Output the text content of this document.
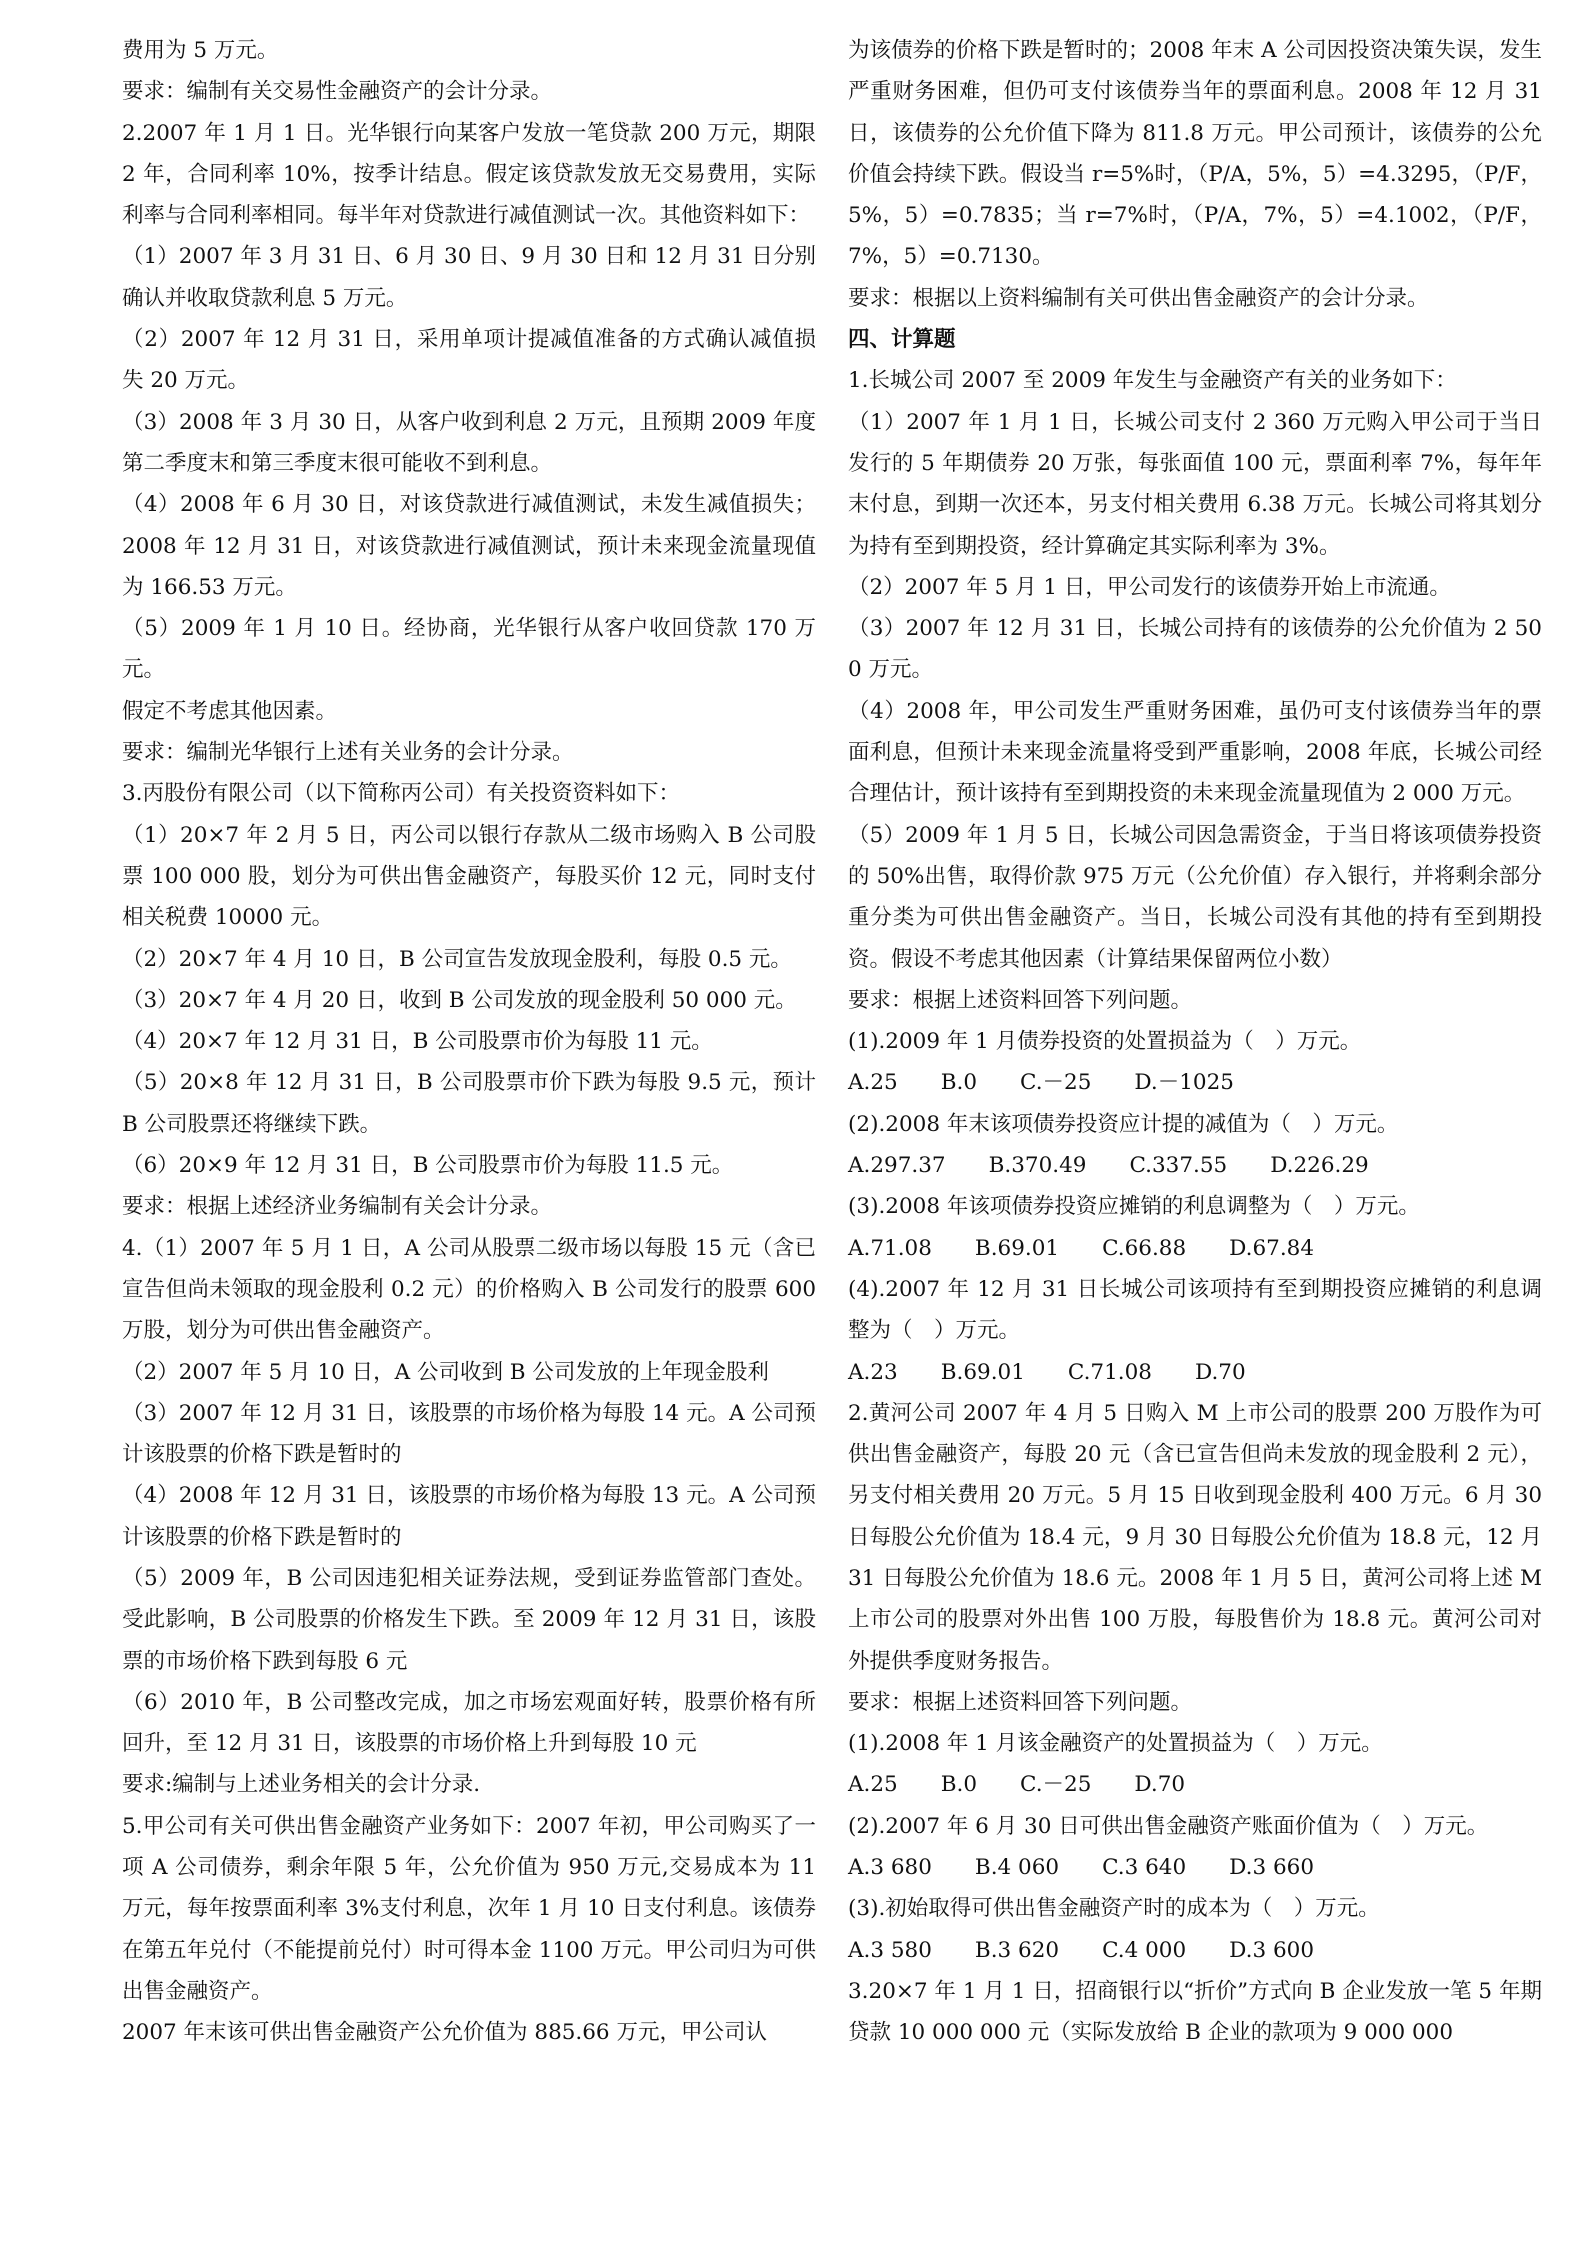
费用为 5 万元。

要求：编制有关交易性金融资产的会计分录。

2.2007 年 1 月 1 日。光华银行向某客户发放一笔贷款 200 万元，期限 2 年，合同利率 10%，按季计结息。假定该贷款发放无交易费用，实际利率与合同利率相同。每半年对贷款进行减值测试一次。其他资料如下：

（1）2007 年 3 月 31 日、6 月 30 日、9 月 30 日和 12 月 31 日分别确认并收取贷款利息 5 万元。

（2）2007 年 12 月 31 日，采用单项计提减值准备的方式确认减值损失 20 万元。

（3）2008 年 3 月 30 日，从客户收到利息 2 万元，且预期 2009 年度第二季度末和第三季度末很可能收不到利息。

（4）2008 年 6 月 30 日，对该贷款进行减值测试，未发生减值损失；2008 年 12 月 31 日，对该贷款进行减值测试，预计未来现金流量现值为 166.53 万元。

（5）2009 年 1 月 10 日。经协商，光华银行从客户收回贷款 170 万元。

假定不考虑其他因素。

要求：编制光华银行上述有关业务的会计分录。

3.丙股份有限公司（以下简称丙公司）有关投资资料如下：

（1）20×7 年 2 月 5 日，丙公司以银行存款从二级市场购入 B 公司股票 100 000 股，划分为可供出售金融资产，每股买价 12 元，同时支付相关税费 10000 元。

（2）20×7 年 4 月 10 日，B 公司宣告发放现金股利，每股 0.5 元。

（3）20×7 年 4 月 20 日，收到 B 公司发放的现金股利 50 000 元。

（4）20×7 年 12 月 31 日，B 公司股票市价为每股 11 元。

（5）20×8 年 12 月 31 日，B 公司股票市价下跌为每股 9.5 元，预计 B 公司股票还将继续下跌。

（6）20×9 年 12 月 31 日，B 公司股票市价为每股 11.5 元。

要求：根据上述经济业务编制有关会计分录。

4.（1）2007 年 5 月 1 日，A 公司从股票二级市场以每股 15 元（含已宣告但尚未领取的现金股利 0.2 元）的价格购入 B 公司发行的股票 600 万股，划分为可供出售金融资产。

（2）2007 年 5 月 10 日，A 公司收到 B 公司发放的上年现金股利

（3）2007 年 12 月 31 日，该股票的市场价格为每股 14 元。A 公司预计该股票的价格下跌是暂时的

（4）2008 年 12 月 31 日，该股票的市场价格为每股 13 元。A 公司预计该股票的价格下跌是暂时的

（5）2009 年，B 公司因违犯相关证券法规，受到证券监管部门查处。受此影响，B 公司股票的价格发生下跌。至 2009 年 12 月 31 日，该股票的市场价格下跌到每股 6 元

（6）2010 年，B 公司整改完成，加之市场宏观面好转，股票价格有所回升，至 12 月 31 日，该股票的市场价格上升到每股 10 元

要求:编制与上述业务相关的会计分录.

5.甲公司有关可供出售金融资产业务如下：2007 年初，甲公司购买了一项 A 公司债券，剩余年限 5 年，公允价值为 950 万元,交易成本为 11 万元，每年按票面利率 3%支付利息，次年 1 月 10 日支付利息。该债券在第五年兑付（不能提前兑付）时可得本金 1100 万元。甲公司归为可供出售金融资产。

2007 年末该可供出售金融资产公允价值为 885.66 万元，甲公司认

为该债券的价格下跌是暂时的；2008 年末 A 公司因投资决策失误，发生严重财务困难，但仍可支付该债券当年的票面利息。2008 年 12 月 31 日，该债券的公允价值下降为 811.8 万元。甲公司预计，该债券的公允价值会持续下跌。假设当 r=5%时，（P/A，5%，5）=4.3295，（P/F，5%，5）=0.7835；当 r=7%时，（P/A，7%，5）=4.1002，（P/F，7%，5）=0.7130。

要求：根据以上资料编制有关可供出售金融资产的会计分录。

四、计算题

1.长城公司 2007 至 2009 年发生与金融资产有关的业务如下：

（1）2007 年 1 月 1 日，长城公司支付 2 360 万元购入甲公司于当日发行的 5 年期债券 20 万张，每张面值 100 元，票面利率 7%，每年年末付息，到期一次还本，另支付相关费用 6.38 万元。长城公司将其划分为持有至到期投资，经计算确定其实际利率为 3%。

（2）2007 年 5 月 1 日，甲公司发行的该债券开始上市流通。

（3）2007 年 12 月 31 日，长城公司持有的该债券的公允价值为 2 500 万元。

（4）2008 年，甲公司发生严重财务困难，虽仍可支付该债券当年的票面利息，但预计未来现金流量将受到严重影响，2008 年底，长城公司经合理估计，预计该持有至到期投资的未来现金流量现值为 2 000 万元。

（5）2009 年 1 月 5 日，长城公司因急需资金，于当日将该项债券投资的 50%出售，取得价款 975 万元（公允价值）存入银行，并将剩余部分重分类为可供出售金融资产。当日，长城公司没有其他的持有至到期投资。假设不考虑其他因素（计算结果保留两位小数）

要求：根据上述资料回答下列问题。

(1).2009 年 1 月债券投资的处置损益为（　）万元。

A.25　　B.0　　C.－25　　D.－1025

(2).2008 年末该项债券投资应计提的减值为（　）万元。

A.297.37　　B.370.49　　C.337.55　　D.226.29

(3).2008 年该项债券投资应摊销的利息调整为（　）万元。

A.71.08　　B.69.01　　C.66.88　　D.67.84

(4).2007 年 12 月 31 日长城公司该项持有至到期投资应摊销的利息调整为（　）万元。

A.23　　B.69.01　　C.71.08　　D.70

2.黄河公司 2007 年 4 月 5 日购入 M 上市公司的股票 200 万股作为可供出售金融资产，每股 20 元（含已宣告但尚未发放的现金股利 2 元），另支付相关费用 20 万元。5 月 15 日收到现金股利 400 万元。6 月 30 日每股公允价值为 18.4 元，9 月 30 日每股公允价值为 18.8 元，12 月 31 日每股公允价值为 18.6 元。2008 年 1 月 5 日，黄河公司将上述 M 上市公司的股票对外出售 100 万股，每股售价为 18.8 元。黄河公司对外提供季度财务报告。

要求：根据上述资料回答下列问题。

(1).2008 年 1 月该金融资产的处置损益为（　）万元。

A.25　　B.0　　C.－25　　D.70

(2).2007 年 6 月 30 日可供出售金融资产账面价值为（　）万元。

A.3 680　　B.4 060　　C.3 640　　D.3 660

(3).初始取得可供出售金融资产时的成本为（　）万元。

A.3 580　　B.3 620　　C.4 000　　D.3 600

3.20×7 年 1 月 1 日，招商银行以“折价”方式向 B 企业发放一笔 5 年期贷款 10 000 000 元（实际发放给 B 企业的款项为 9 000 000
